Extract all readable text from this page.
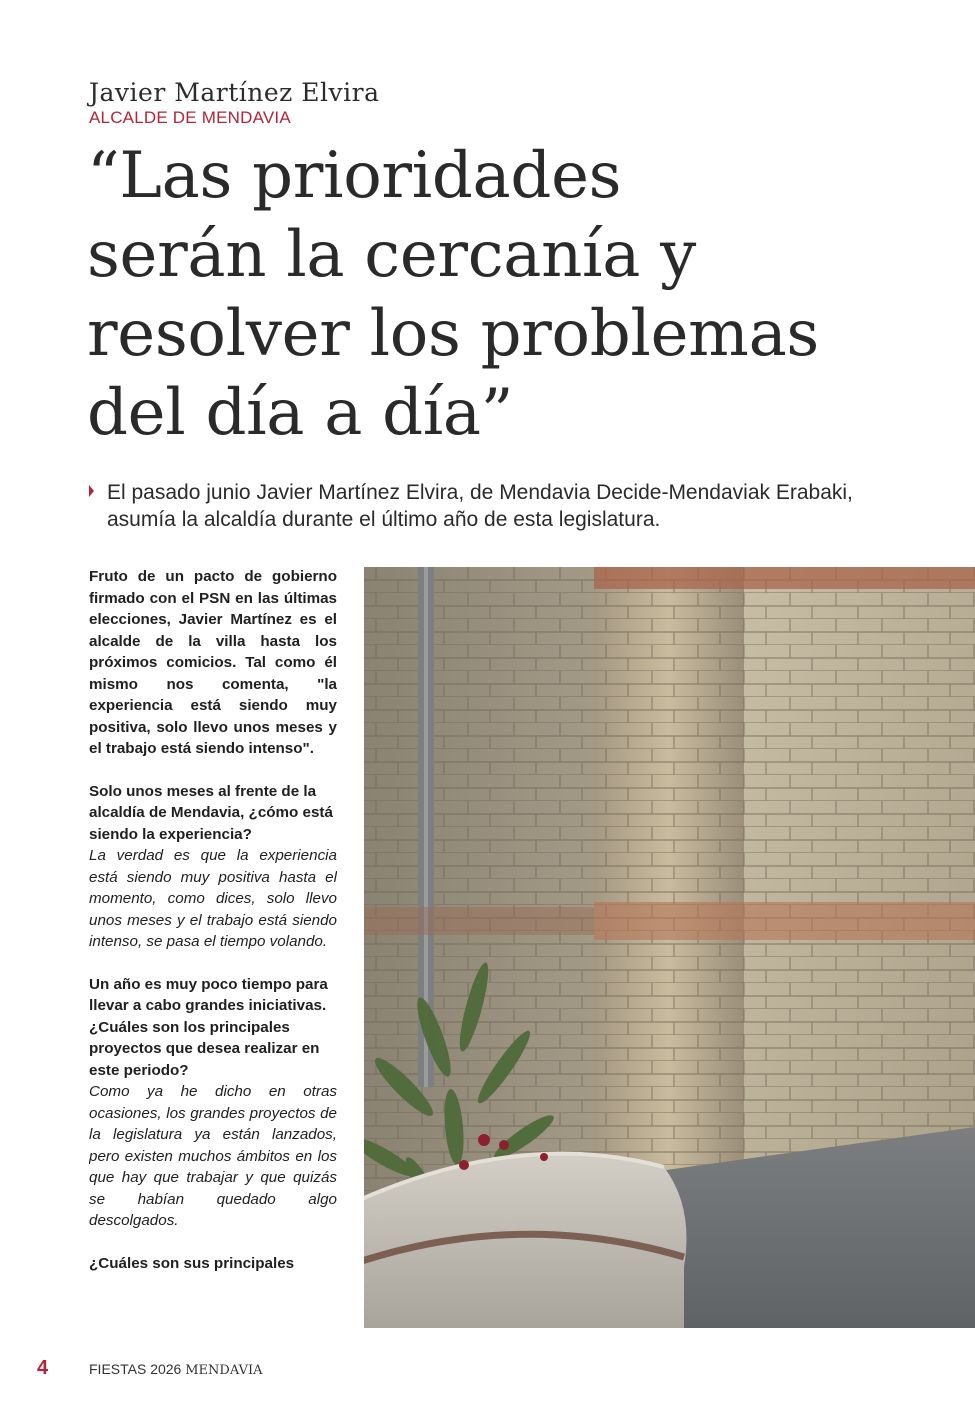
Javier Martínez Elvira
ALCALDE DE MENDAVIA
“Las prioridades
serán la cercanía y
resolver los problemas
del día a día”

El pasado junio Javier Martínez Elvira, de Mendavia Decide-Mendaviak Erabaki, asumía la alcaldía durante el último año de esta legislatura.

Fruto de un pacto de gobierno firmado con el PSN en las últimas elecciones, Javier Martínez es el alcalde de la villa hasta los próximos comicios. Tal como él mismo nos comenta, "la experiencia está siendo muy positiva, solo llevo unos meses y el trabajo está siendo intenso".

Solo unos meses al frente de la alcaldía de Mendavia, ¿cómo está siendo la experiencia?

La verdad es que la experiencia está siendo muy positiva hasta el momento, como dices, solo llevo unos meses y el trabajo está siendo intenso, se pasa el tiempo volando.

Un año es muy poco tiempo para llevar a cabo grandes iniciativas. ¿Cuáles son los principales proyectos que desea realizar en este periodo?

Como ya he dicho en otras ocasiones, los grandes proyectos de la legislatura ya están lanzados, pero existen muchos ámbitos en los que hay que trabajar y que quizás se habían quedado algo descolgados.

¿Cuáles son sus principales

4	FIESTAS 2026 MENDAVIA
